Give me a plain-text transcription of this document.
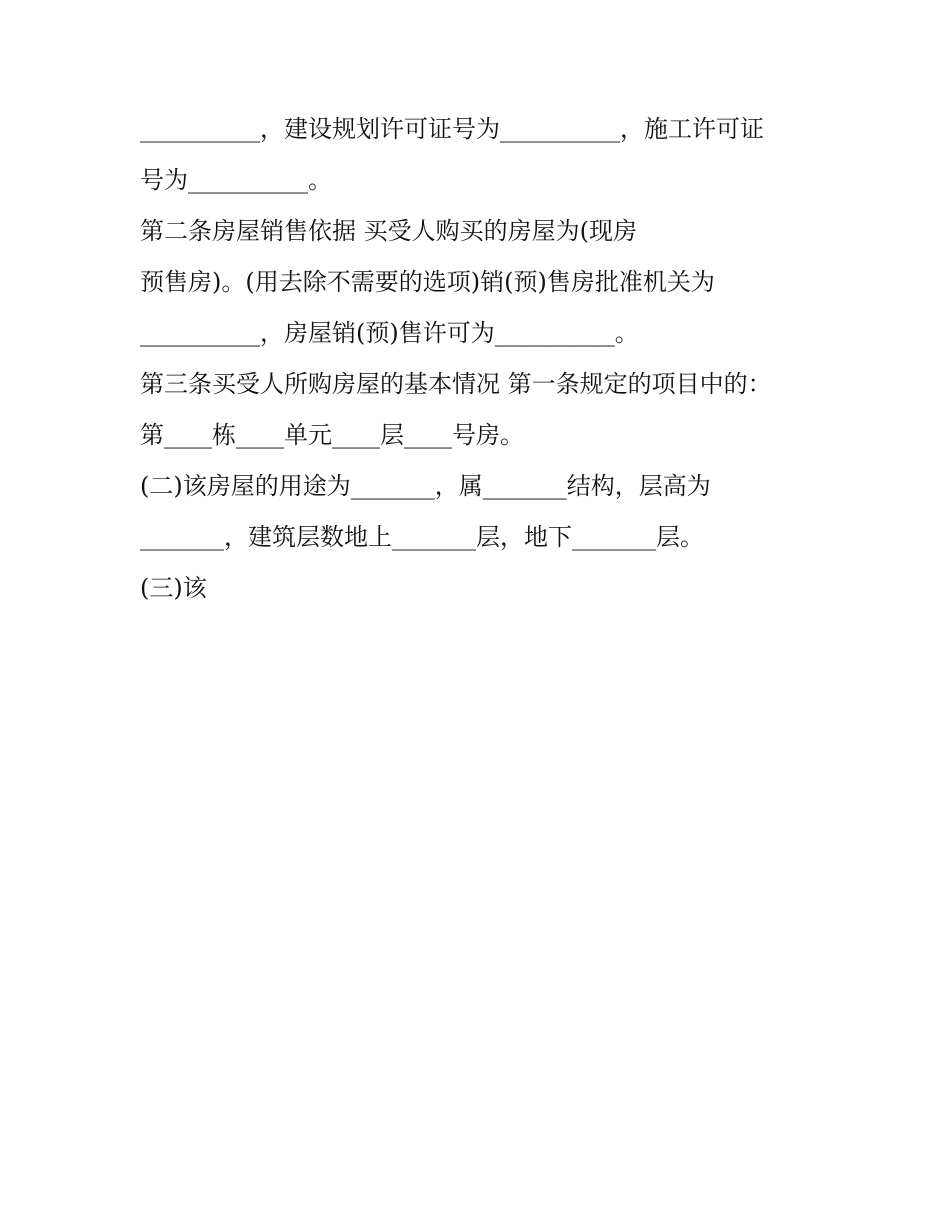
__________，建设规划许可证号为__________，施工许可证

号为__________。

第二条房屋销售依据 买受人购买的房屋为(现房

预售房)。(用去除不需要的选项)销(预)售房批准机关为

__________，房屋销(预)售许可为__________。

第三条买受人所购房屋的基本情况 第一条规定的项目中的：

第____栋____单元____层____号房。

(二)该房屋的用途为_______，属_______结构，层高为

_______，建筑层数地上_______层，地下_______层。

(三)该
